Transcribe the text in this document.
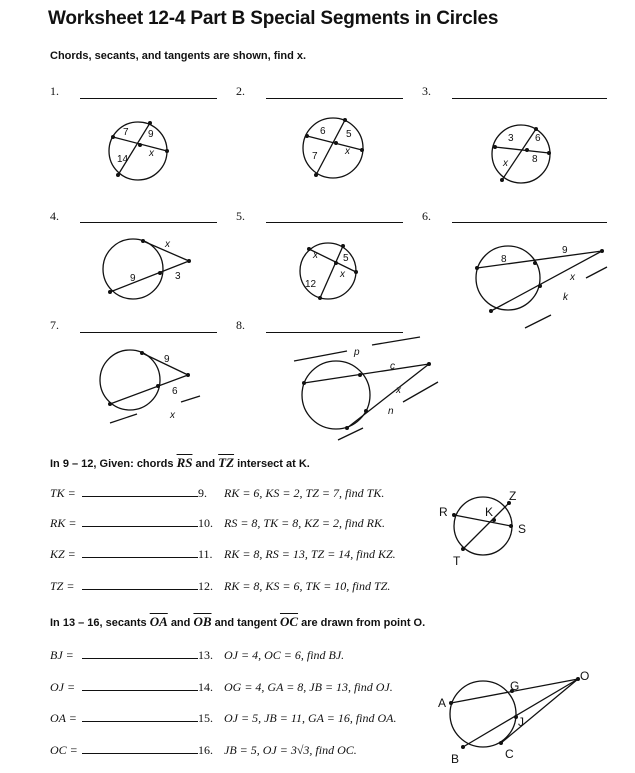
Worksheet 12-4 Part B Special Segments in Circles
Chords, secants, and tangents are shown, find x.
1.	2.	3.
4.	5.	6.
7.	8.
7 9
14
x
6 5
7	x
3 6
x 8
x
9	3
x	5
12
x
8
9
x
k
9
6
x
p
c
x
n
In 9 – 12, Given: chords $\overline{RS}$ and $\overline{TZ}$ intersect at K.
TK =	9. RK = 6, KS = 2, TZ = 7, find TK.
RK =	10. RS = 8, TK = 8, KZ = 2, find RK.
KZ =	11. RK = 8, RS = 13, TZ = 14, find KZ.
TZ =	12. RK = 8, KS = 6, TK = 10, find TZ.
R	K
Z
S
T
In 13 – 16, secants $\overline{OA}$ and $\overline{OB}$ and tangent $\overline{OC}$ are drawn from point O.
BJ =	13. OJ = 4, OC = 6, find BJ.
OJ =	14. OG = 4, GA = 8, JB = 13, find OJ.
OA =	15. OJ = 5, JB = 11, GA = 16, find OA.
OC =	16. JB = 5, OJ = 3√3, find OC.
O
G
A
J
B	C
